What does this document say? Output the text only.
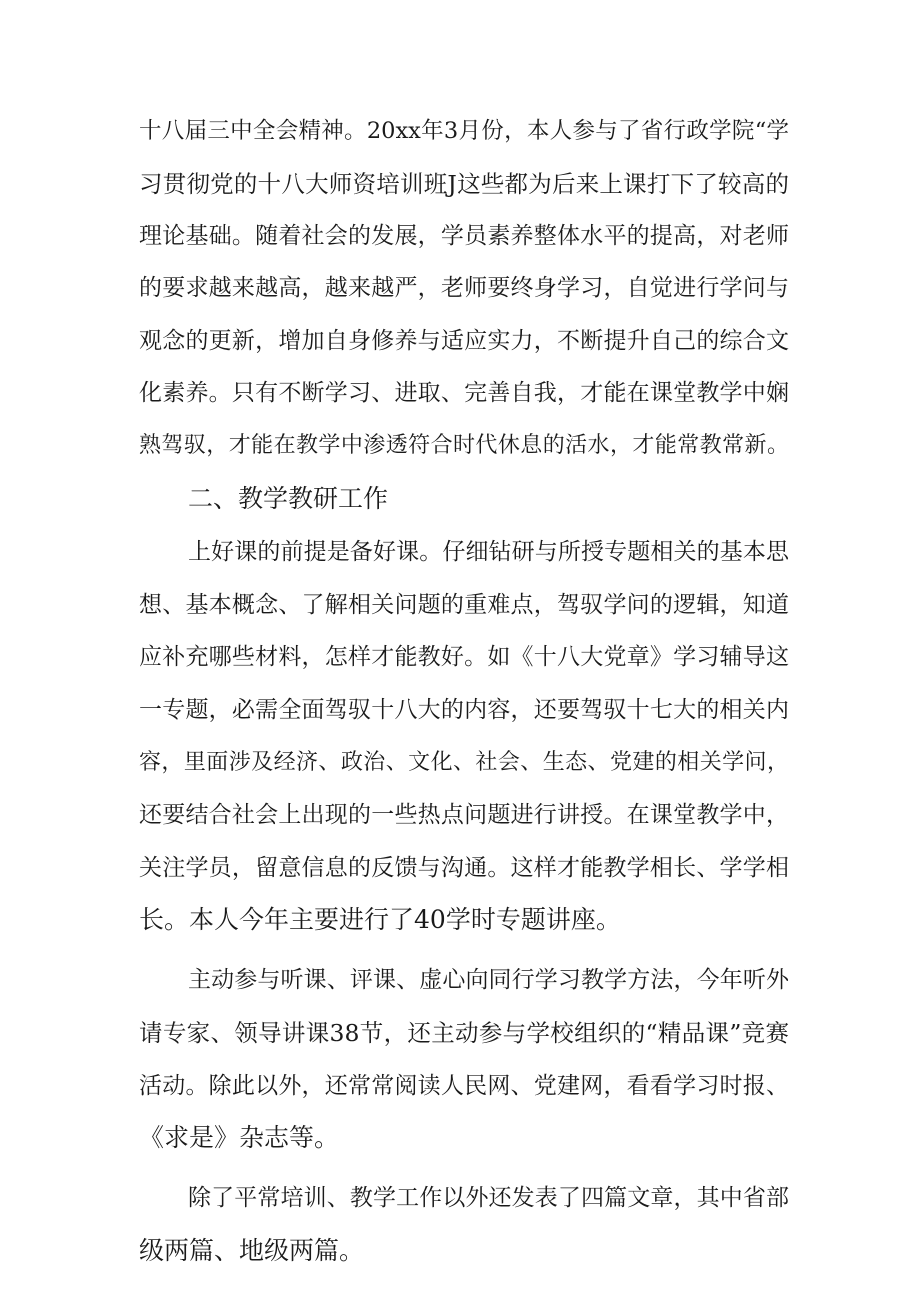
十八届三中全会精神。20xx年3月份，本人参与了省行政学院“学
习贯彻党的十八大师资培训班J这些都为后来上课打下了较高的
理论基础。随着社会的发展，学员素养整体水平的提高，对老师
的要求越来越高，越来越严，老师要终身学习，自觉进行学问与
观念的更新，增加自身修养与适应实力，不断提升自己的综合文
化素养。只有不断学习、进取、完善自我，才能在课堂教学中娴
熟驾驭，才能在教学中渗透符合时代休息的活水，才能常教常新。
二、教学教研工作
上好课的前提是备好课。仔细钻研与所授专题相关的基本思
想、基本概念、了解相关问题的重难点，驾驭学问的逻辑，知道
应补充哪些材料，怎样才能教好。如《十八大党章》学习辅导这
一专题，必需全面驾驭十八大的内容，还要驾驭十七大的相关内
容，里面涉及经济、政治、文化、社会、生态、党建的相关学问，
还要结合社会上出现的一些热点问题进行讲授。在课堂教学中，
关注学员，留意信息的反馈与沟通。这样才能教学相长、学学相
长。本人今年主要进行了40学时专题讲座。
主动参与听课、评课、虚心向同行学习教学方法，今年听外
请专家、领导讲课38节，还主动参与学校组织的“精品课”竞赛
活动。除此以外，还常常阅读人民网、党建网，看看学习时报、
《求是》杂志等。
除了平常培训、教学工作以外还发表了四篇文章，其中省部
级两篇、地级两篇。
